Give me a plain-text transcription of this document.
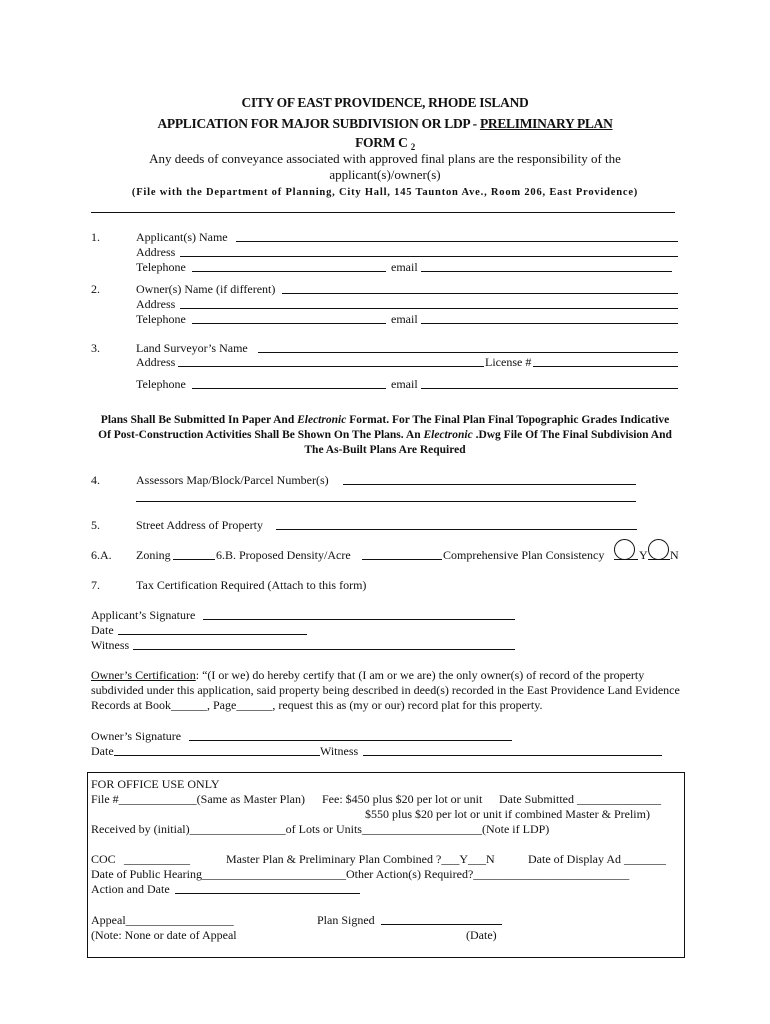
CITY OF EAST PROVIDENCE, RHODE ISLAND
APPLICATION FOR MAJOR SUBDIVISION OR LDP - PRELIMINARY PLAN
FORM C $_2$
Any deeds of conveyance associated with approved final plans are the responsibility of the
applicant(s)/owner(s)
(File with the Department of Planning, City Hall, 145 Taunton Ave., Room 206, East Providence)
1.	Applicant(s) Name
Address
Telephone	email
2.	Owner(s) Name (if different)
Address
Telephone	email
3.	Land Surveyor’s Name
Address	License #
Telephone	email
Plans Shall Be Submitted In Paper And Electronic Format. For The Final Plan Final Topographic Grades Indicative Of Post-Construction Activities Shall Be Shown On The Plans. An Electronic .Dwg File Of The Final Subdivision And The As-Built Plans Are Required
4.	Assessors Map/Block/Parcel Number(s)
5.	Street Address of Property
6.A. Zoning	6.B. Proposed Density/Acre	Comprehensive Plan Consistency	Y N
7.	Tax Certification Required (Attach to this form)
Applicant’s Signature
Date
Witness
Owner’s Certification: “(I or we) do hereby certify that (I am or we are) the only owner(s) of record of the property subdivided under this application, said property being described in deed(s) recorded in the East Providence Land Evidence Records at Book______, Page______, request this as (my or our) record plat for this property.
Owner’s Signature
Date	Witness
FOR OFFICE USE ONLY
File #_____________(Same as Master Plan) Fee: $450 plus $20 per lot or unit Date Submitted ______________
$550 plus $20 per lot or unit if combined Master & Prelim)
Received by (initial)________________of Lots or Units____________________(Note if LDP)
COC ___________	Master Plan & Preliminary Plan Combined ?___Y___N	Date of Display Ad _______
Date of Public Hearing________________________Other Action(s) Required?__________________________
Action and Date
Appeal__________________	Plan Signed
(Note: None or date of Appeal	(Date)
